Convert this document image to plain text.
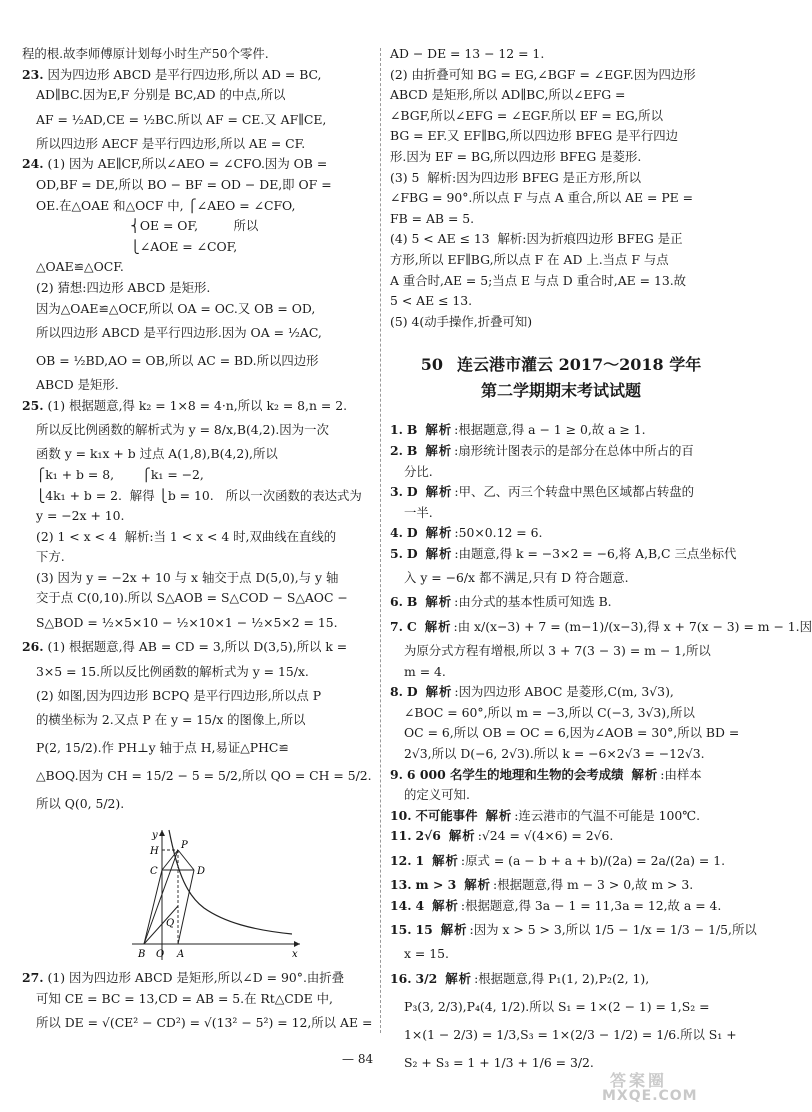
程的根.故李师傅原计划每小时生产50个零件.
23. 因为四边形 ABCD 是平行四边形,所以 AD = BC,
AD∥BC.因为E,F 分别是 BC,AD 的中点,所以
AF = ½AD,CE = ½BC.所以 AF = CE.又 AF∥CE,
所以四边形 AECF 是平行四边形,所以 AE = CF.
24. (1) 因为 AE∥CF,所以∠AEO = ∠CFO.因为 OB =
OD,BF = DE,所以 BO − BF = OD − DE,即 OF =
OE.在△OAE 和△OCF 中, ⎧∠AEO = ∠CFO,
⎨OE = OF,         所以
⎩∠AOE = ∠COF,
△OAE≌△OCF.
(2) 猜想:四边形 ABCD 是矩形.
因为△OAE≌△OCF,所以 OA = OC.又 OB = OD,
所以四边形 ABCD 是平行四边形.因为 OA = ½AC,
OB = ½BD,AO = OB,所以 AC = BD.所以四边形
ABCD 是矩形.
25. (1) 根据题意,得 k₂ = 1×8 = 4·n,所以 k₂ = 8,n = 2.
所以反比例函数的解析式为 y = 8/x,B(4,2).因为一次
函数 y = k₁x + b 过点 A(1,8),B(4,2),所以
⎧k₁ + b = 8,       ⎧k₁ = −2,
⎩4k₁ + b = 2.  解得 ⎩b = 10.   所以一次函数的表达式为
y = −2x + 10.
(2) 1 < x < 4  解析:当 1 < x < 4 时,双曲线在直线的
下方.
(3) 因为 y = −2x + 10 与 x 轴交于点 D(5,0),与 y 轴
交于点 C(0,10).所以 S△AOB = S△COD − S△AOC −
S△BOD = ½×5×10 − ½×10×1 − ½×5×2 = 15.
26. (1) 根据题意,得 AB = CD = 3,所以 D(3,5),所以 k =
3×5 = 15.所以反比例函数的解析式为 y = 15/x.
(2) 如图,因为四边形 BCPQ 是平行四边形,所以点 P
的横坐标为 2.又点 P 在 y = 15/x 的图像上,所以
P(2, 15/2).作 PH⊥y 轴于点 H,易证△PHC≌
△BOQ.因为 CH = 15/2 − 5 = 5/2,所以 QO = CH = 5/2.
所以 Q(0, 5/2).
y
x
H
P
C	D
Q
B O A
27. (1) 因为四边形 ABCD 是矩形,所以∠D = 90°.由折叠
可知 CE = BC = 13,CD = AB = 5.在 Rt△CDE 中,
所以 DE = √(CE² − CD²) = √(13² − 5²) = 12,所以 AE =
AD − DE = 13 − 12 = 1.
(2) 由折叠可知 BG = EG,∠BGF = ∠EGF.因为四边形
ABCD 是矩形,所以 AD∥BC,所以∠EFG =
∠BGF,所以∠EFG = ∠EGF.所以 EF = EG,所以
BG = EF.又 EF∥BG,所以四边形 BFEG 是平行四边
形.因为 EF = BG,所以四边形 BFEG 是菱形.
(3) 5  解析:因为四边形 BFEG 是正方形,所以
∠FBG = 90°.所以点 F 与点 A 重合,所以 AE = PE =
FB = AB = 5.
(4) 5 < AE ≤ 13  解析:因为折痕四边形 BFEG 是正
方形,所以 EF∥BG,所以点 F 在 AD 上.当点 F 与点
A 重合时,AE = 5;当点 E 与点 D 重合时,AE = 13.故
5 < AE ≤ 13.
(5) 4(动手操作,折叠可知)
50 连云港市灌云 2017～2018 学年
第二学期期末考试试题
1. B 解析 :根据题意,得 a − 1 ≥ 0,故 a ≥ 1.
2. B 解析 :扇形统计图表示的是部分在总体中所占的百
分比.
3. D 解析 :甲、乙、丙三个转盘中黑色区域都占转盘的
一半.
4. D 解析 :50×0.12 = 6.
5. D 解析 :由题意,得 k = −3×2 = −6,将 A,B,C 三点坐标代
入 y = −6/x 都不满足,只有 D 符合题意.
6. B 解析 :由分式的基本性质可知选 B.
7. C 解析 :由 x/(x−3) + 7 = (m−1)/(x−3),得 x + 7(x − 3) = m − 1.因
为原分式方程有增根,所以 3 + 7(3 − 3) = m − 1,所以
m = 4.
8. D 解析 :因为四边形 ABOC 是菱形,C(m, 3√3),
∠BOC = 60°,所以 m = −3,所以 C(−3, 3√3),所以
OC = 6,所以 OB = OC = 6,因为∠AOB = 30°,所以 BD =
2√3,所以 D(−6, 2√3).所以 k = −6×2√3 = −12√3.
9. 6 000 名学生的地理和生物的会考成绩 解析 :由样本
的定义可知.
10. 不可能事件 解析 :连云港市的气温不可能是 100℃.
11. 2√6 解析 :√24 = √(4×6) = 2√6.
12. 1 解析 :原式 = (a − b + a + b)/(2a) = 2a/(2a) = 1.
13. m > 3 解析 :根据题意,得 m − 3 > 0,故 m > 3.
14. 4 解析 :根据题意,得 3a − 1 = 11,3a = 12,故 a = 4.
15. 15 解析 :因为 x > 5 > 3,所以 1/5 − 1/x = 1/3 − 1/5,所以
x = 15.
16. 3/2 解析 :根据题意,得 P₁(1, 2),P₂(2, 1),
P₃(3, 2/3),P₄(4, 1/2).所以 S₁ = 1×(2 − 1) = 1,S₂ =
1×(1 − 2/3) = 1/3,S₃ = 1×(2/3 − 1/2) = 1/6.所以 S₁ +
S₂ + S₃ = 1 + 1/3 + 1/6 = 3/2.
— 84
答案圈
MXQE.COM
